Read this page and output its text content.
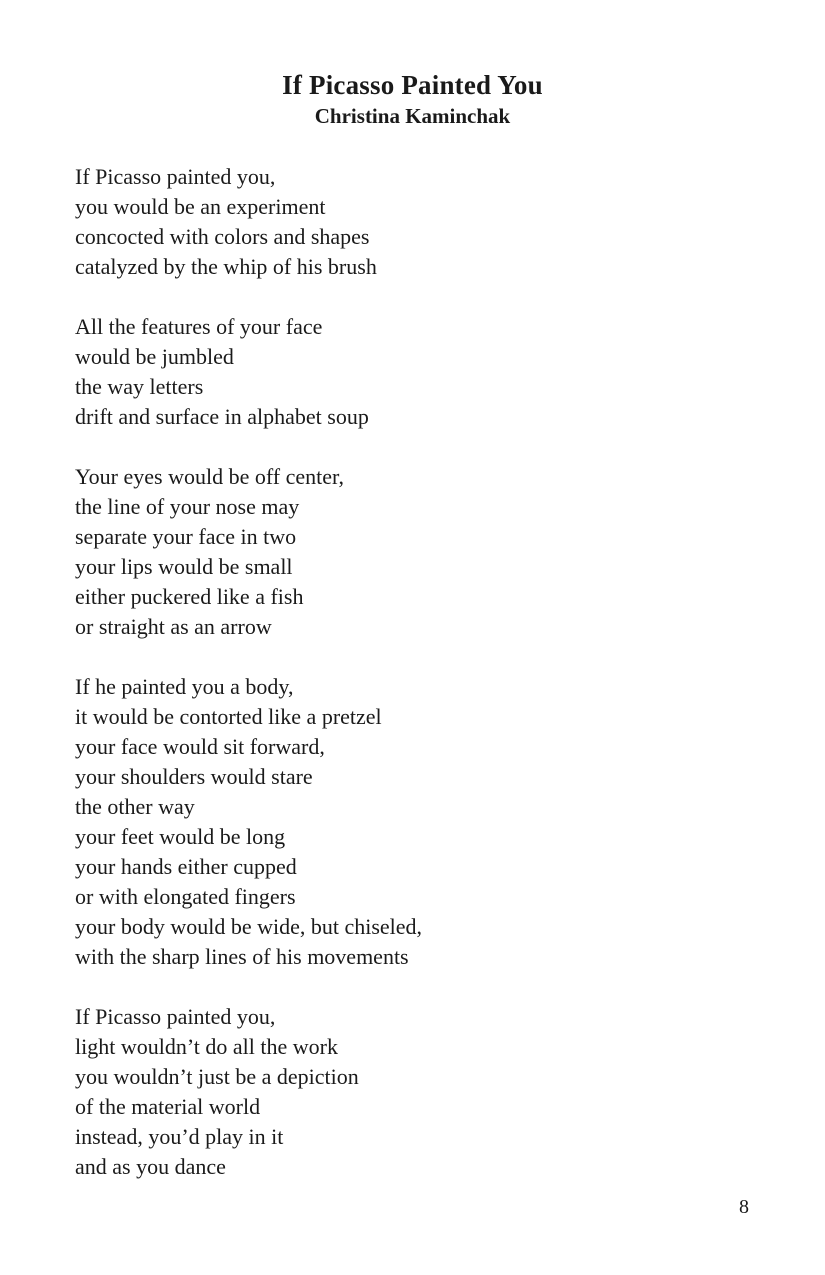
If Picasso Painted You
Christina Kaminchak
If Picasso painted you,
you would be an experiment
concocted with colors and shapes
catalyzed by the whip of his brush
All the features of your face
would be jumbled
the way letters
drift and surface in alphabet soup
Your eyes would be off center,
the line of your nose may
separate your face in two
your lips would be small
either puckered like a fish
or straight as an arrow
If he painted you a body,
it would be contorted like a pretzel
your face would sit forward,
your shoulders would stare
the other way
your feet would be long
your hands either cupped
or with elongated fingers
your body would be wide, but chiseled,
with the sharp lines of his movements
If Picasso painted you,
light wouldn’t do all the work
you wouldn’t just be a depiction
of the material world
instead, you’d play in it
and as you dance
8
